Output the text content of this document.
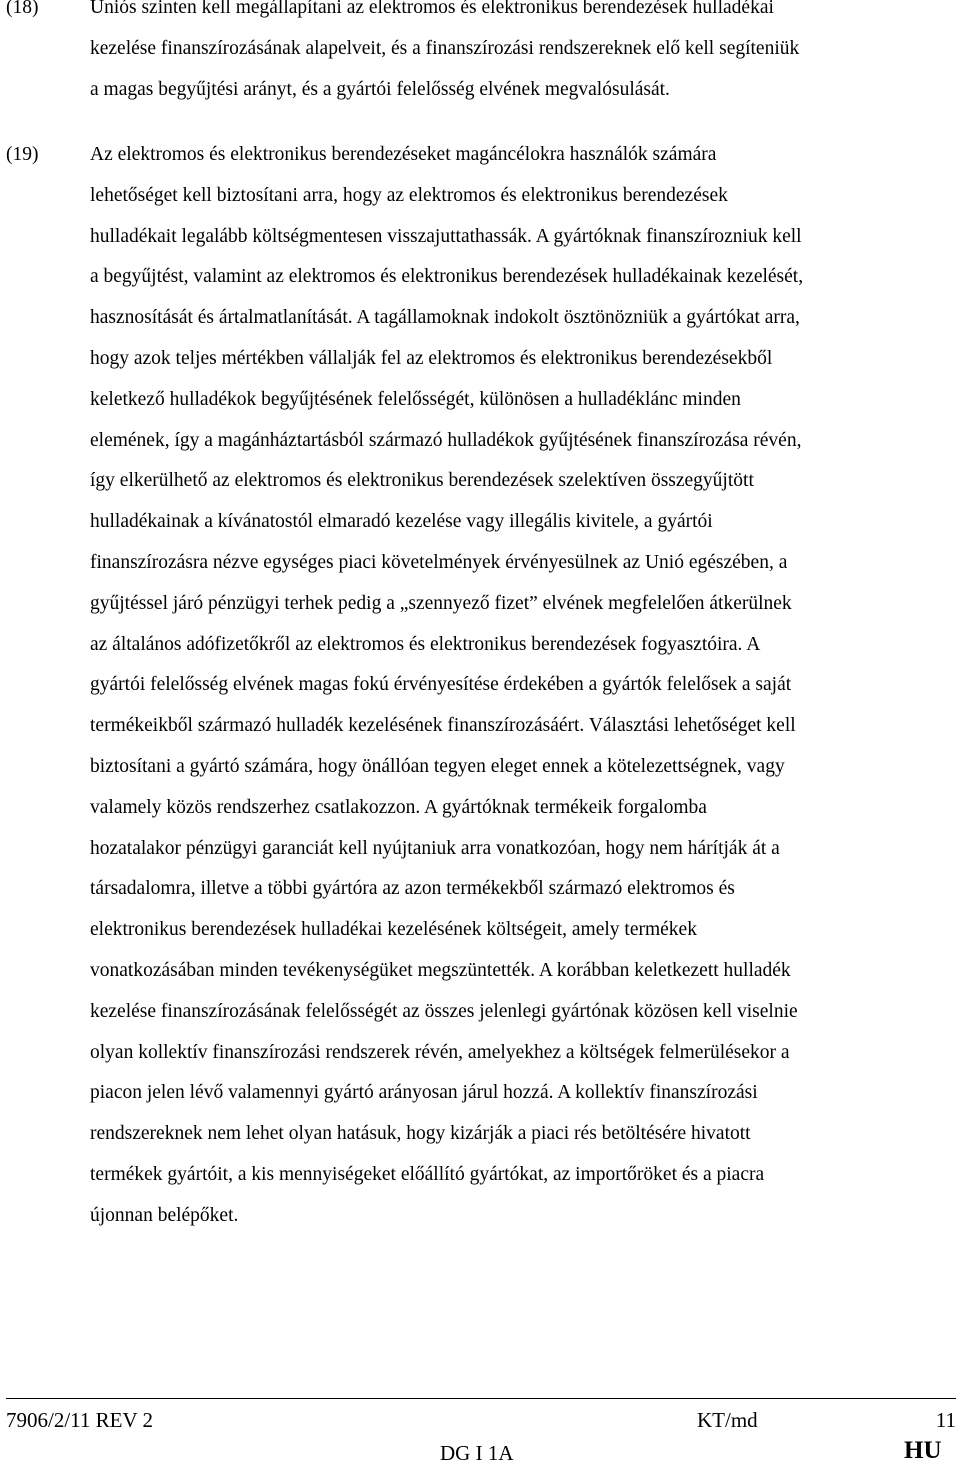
(18)	Uniós szinten kell megállapítani az elektromos és elektronikus berendezések hulladékai
kezelése finanszírozásának alapelveit, és a finanszírozási rendszereknek elő kell segíteniük
a magas begyűjtési arányt, és a gyártói felelősség elvének megvalósulását.
(19)	Az elektromos és elektronikus berendezéseket magáncélokra használók számára
lehetőséget kell biztosítani arra, hogy az elektromos és elektronikus berendezések
hulladékait legalább költségmentesen visszajuttathassák. A gyártóknak finanszírozniuk kell
a begyűjtést, valamint az elektromos és elektronikus berendezések hulladékainak kezelését,
hasznosítását és ártalmatlanítását. A tagállamoknak indokolt ösztönözniük a gyártókat arra,
hogy azok teljes mértékben vállalják fel az elektromos és elektronikus berendezésekből
keletkező hulladékok begyűjtésének felelősségét, különösen a hulladéklánc minden
elemének, így a magánháztartásból származó hulladékok gyűjtésének finanszírozása révén,
így elkerülhető az elektromos és elektronikus berendezések szelektíven összegyűjtött
hulladékainak a kívánatostól elmaradó kezelése vagy illegális kivitele, a gyártói
finanszírozásra nézve egységes piaci követelmények érvényesülnek az Unió egészében, a
gyűjtéssel járó pénzügyi terhek pedig a „szennyező fizet” elvének megfelelően átkerülnek
az általános adófizetőkről az elektromos és elektronikus berendezések fogyasztóira. A
gyártói felelősség elvének magas fokú érvényesítése érdekében a gyártók felelősek a saját
termékeikből származó hulladék kezelésének finanszírozásáért. Választási lehetőséget kell
biztosítani a gyártó számára, hogy önállóan tegyen eleget ennek a kötelezettségnek, vagy
valamely közös rendszerhez csatlakozzon. A gyártóknak termékeik forgalomba
hozatalakor pénzügyi garanciát kell nyújtaniuk arra vonatkozóan, hogy nem hárítják át a
társadalomra, illetve a többi gyártóra az azon termékekből származó elektromos és
elektronikus berendezések hulladékai kezelésének költségeit, amely termékek
vonatkozásában minden tevékenységüket megszüntették. A korábban keletkezett hulladék
kezelése finanszírozásának felelősségét az összes jelenlegi gyártónak közösen kell viselnie
olyan kollektív finanszírozási rendszerek révén, amelyekhez a költségek felmerülésekor a
piacon jelen lévő valamennyi gyártó arányosan járul hozzá. A kollektív finanszírozási
rendszereknek nem lehet olyan hatásuk, hogy kizárják a piaci rés betöltésére hivatott
termékek gyártóit, a kis mennyiségeket előállító gyártókat, az importőröket és a piacra
újonnan belépőket.
7906/2/11 REV 2	KT/md	11
DG I 1A	HU
